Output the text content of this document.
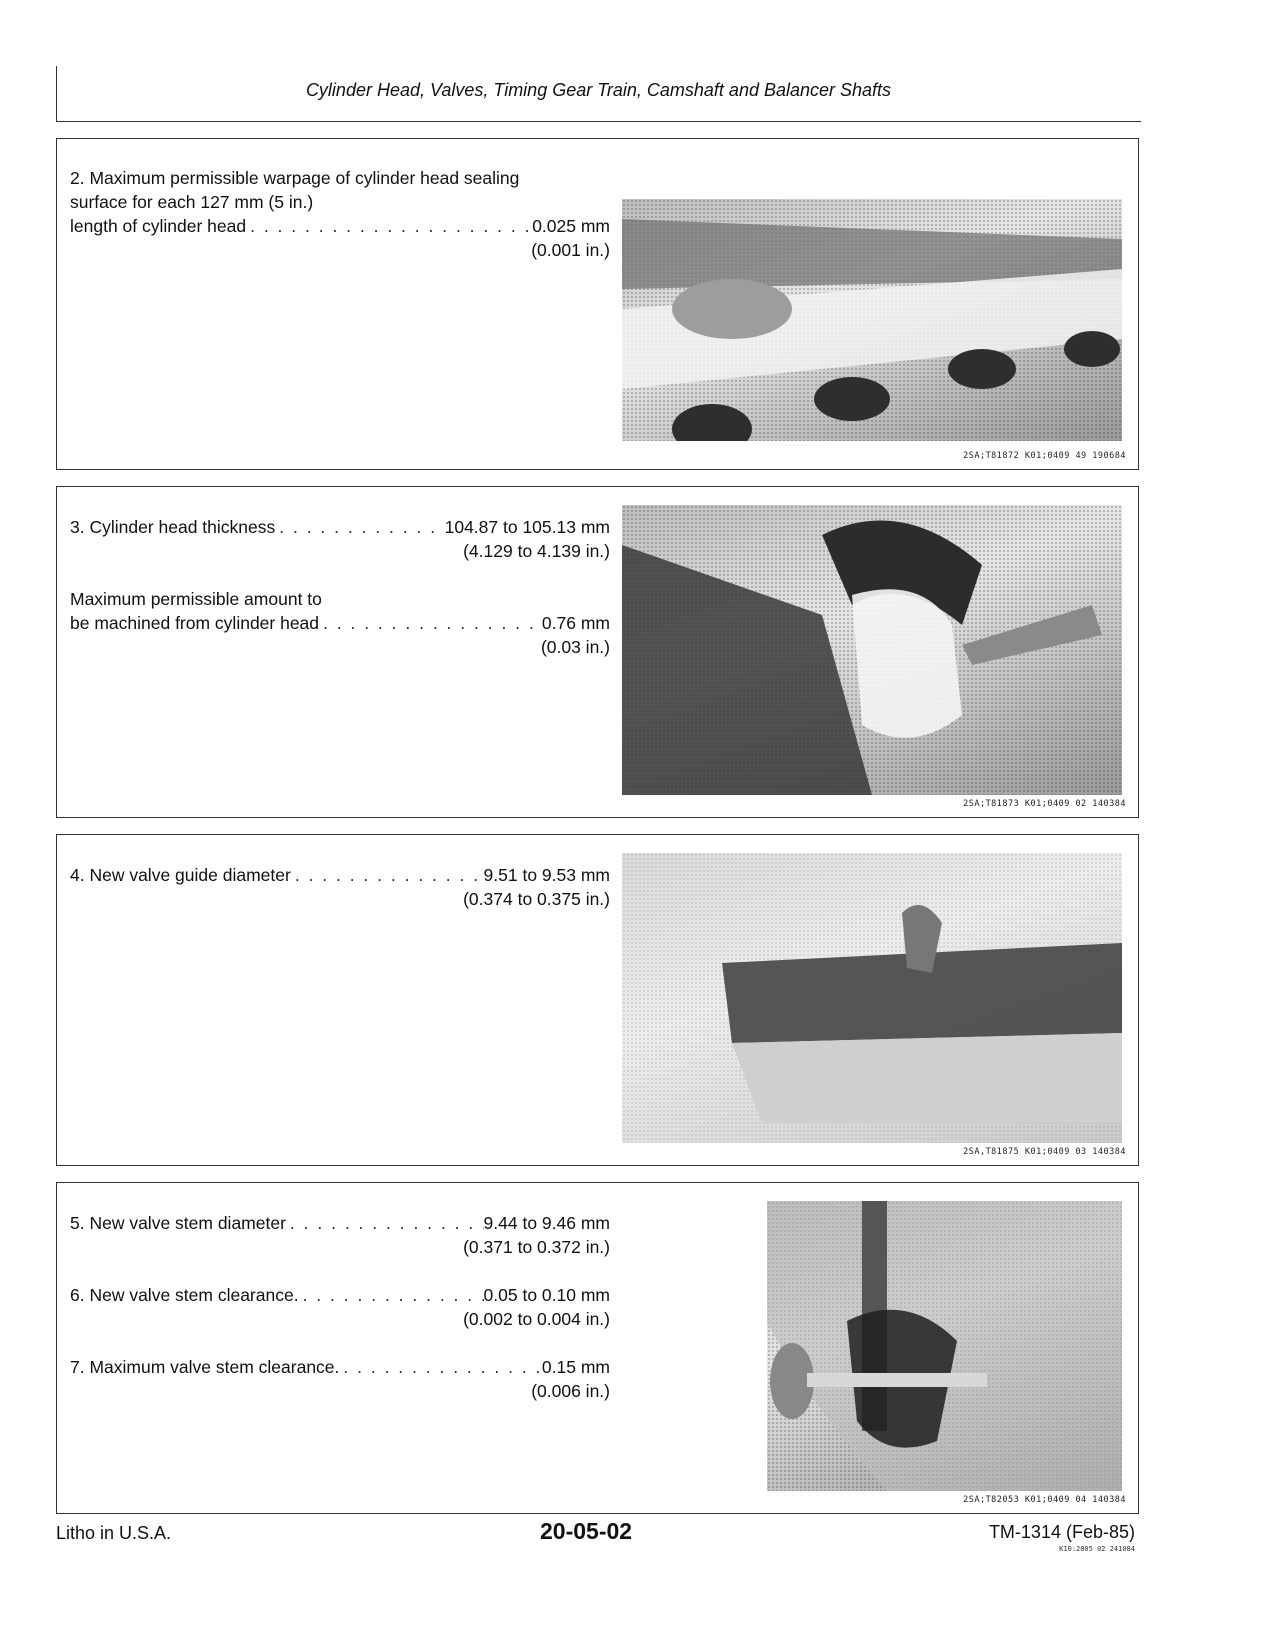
Cylinder Head, Valves, Timing Gear Train, Camshaft and Balancer Shafts
2. Maximum permissible warpage of cylinder head sealing
surface for each 127 mm (5 in.)
length of cylinder head . . .	0.025 mm
(0.001 in.)
2SA;T81872 K01;0409 49 190684
3. Cylinder head thickness . . .	104.87 to 105.13 mm
(4.129 to 4.139 in.)
Maximum permissible amount to
be machined from cylinder head . . .	0.76 mm
(0.03 in.)
2SA;T81873 K01;0409 02 140384
4. New valve guide diameter . . .	9.51 to 9.53 mm
(0.374 to 0.375 in.)
2SA,T81875 K01;0409 03 140384
5. New valve stem diameter . . .	9.44 to 9.46 mm
(0.371 to 0.372 in.)
6. New valve stem clearance. . . .	0.05 to 0.10 mm
(0.002 to 0.004 in.)
7. Maximum valve stem clearance. . . .	0.15 mm
(0.006 in.)
2SA;T82053 K01;0409 04 140384
Litho in U.S.A.	20-05-02	TM-1314 (Feb-85)
K10:2005 02 241084
